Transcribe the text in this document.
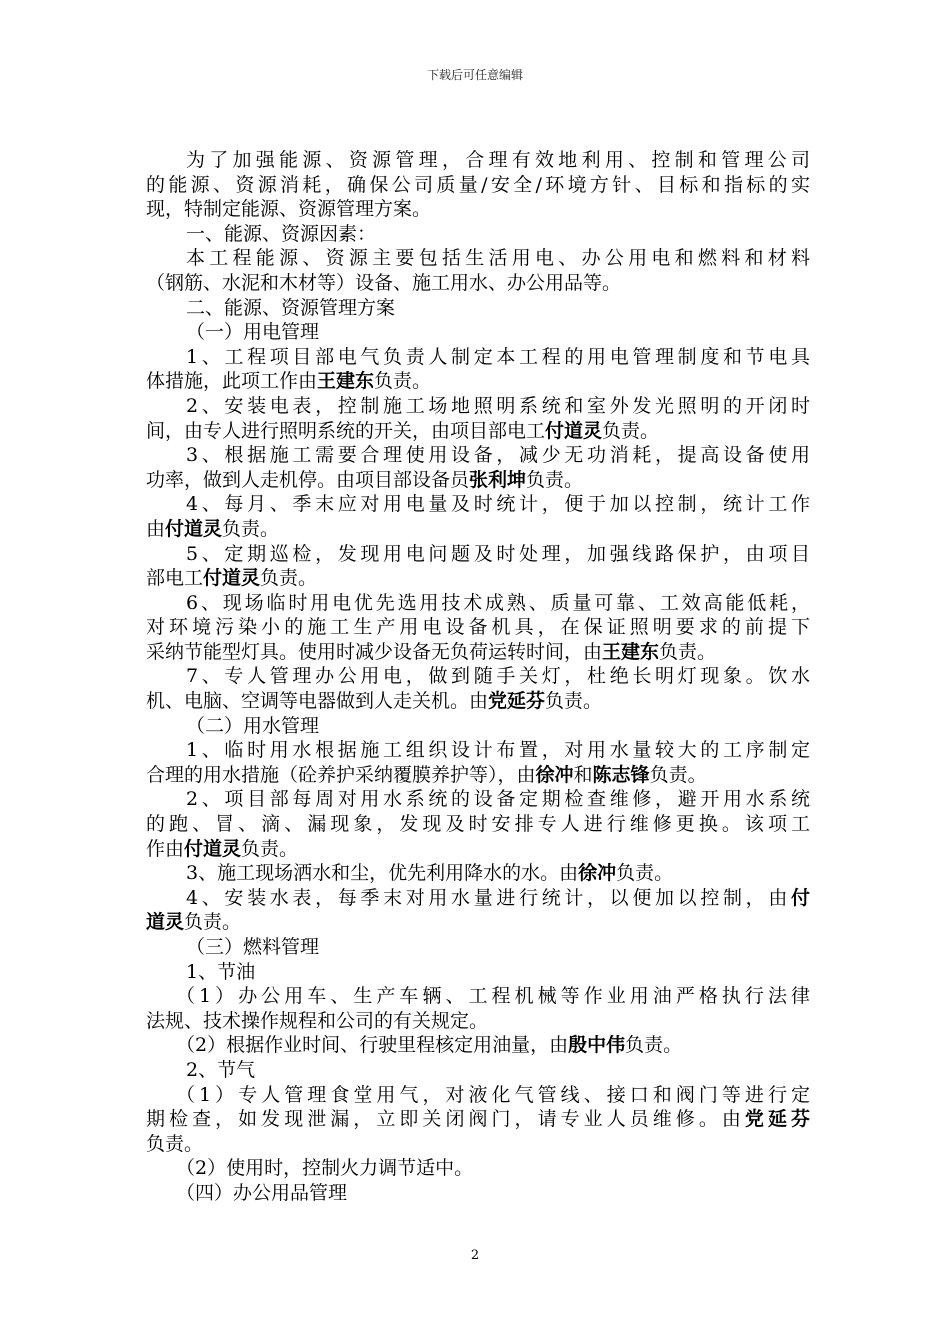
下载后可任意编辑
为了加强能源、资源管理，合理有效地利用、控制和管理公司
的能源、资源消耗，确保公司质量/安全/环境方针、目标和指标的实
现，特制定能源、资源管理方案。
一、能源、资源因素：
本工程能源、资源主要包括生活用电、办公用电和燃料和材料
（钢筋、水泥和木材等）设备、施工用水、办公用品等。
二、能源、资源管理方案
（一）用电管理
1、工程项目部电气负责人制定本工程的用电管理制度和节电具
体措施，此项工作由王建东负责。
2、安装电表，控制施工场地照明系统和室外发光照明的开闭时
间，由专人进行照明系统的开关，由项目部电工付道灵负责。
3、根据施工需要合理使用设备，减少无功消耗，提高设备使用
功率，做到人走机停。由项目部设备员张利坤负责。
4、每月、季末应对用电量及时统计，便于加以控制，统计工作
由付道灵负责。
5、定期巡检，发现用电问题及时处理，加强线路保护，由项目
部电工付道灵负责。
6、现场临时用电优先选用技术成熟、质量可靠、工效高能低耗，
对环境污染小的施工生产用电设备机具，在保证照明要求的前提下
采纳节能型灯具。使用时减少设备无负荷运转时间，由王建东负责。
7、专人管理办公用电，做到随手关灯，杜绝长明灯现象。饮水
机、电脑、空调等电器做到人走关机。由党延芬负责。
（二）用水管理
1、临时用水根据施工组织设计布置，对用水量较大的工序制定
合理的用水措施（砼养护采纳覆膜养护等），由徐冲和陈志锋负责。
2、项目部每周对用水系统的设备定期检查维修，避开用水系统
的跑、冒、滴、漏现象，发现及时安排专人进行维修更换。该项工
作由付道灵负责。
3、施工现场洒水和尘，优先利用降水的水。由徐冲负责。
4、安装水表，每季末对用水量进行统计，以便加以控制，由付
道灵负责。
（三）燃料管理
1、节油
（1）办公用车、生产车辆、工程机械等作业用油严格执行法律
法规、技术操作规程和公司的有关规定。
（2）根据作业时间、行驶里程核定用油量，由殷中伟负责。
2、节气
（1）专人管理食堂用气，对液化气管线、接口和阀门等进行定
期检查，如发现泄漏，立即关闭阀门，请专业人员维修。由党延芬
负责。
（2）使用时，控制火力调节适中。
（四）办公用品管理
2
